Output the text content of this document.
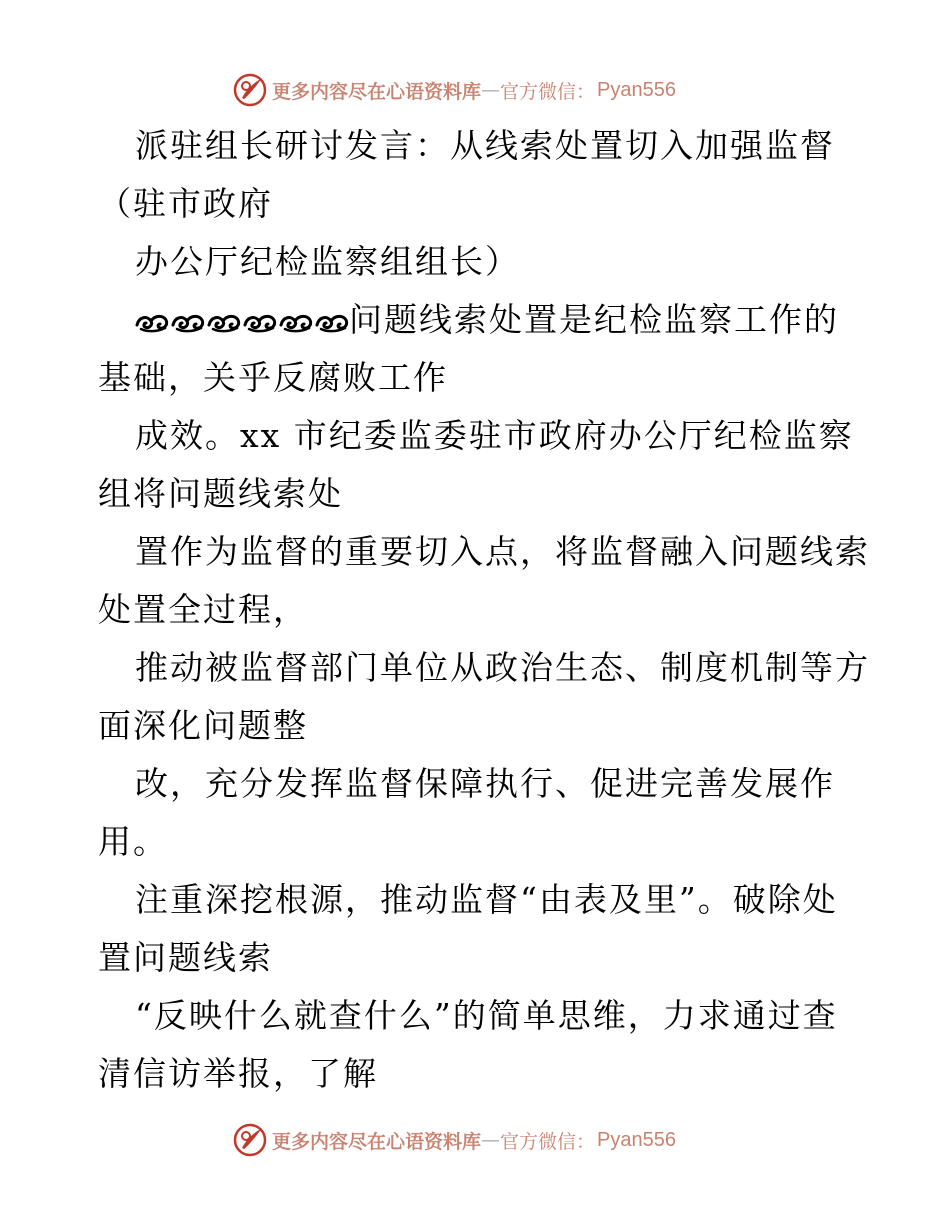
更多内容尽在心语资料库 — 官方微信： Pyan556
派驻组长研讨发言：从线索处置切入加强监督
（驻市政府
办公厅纪检监察组组长）
问题线索处置是纪检监察工作的
基础，关乎反腐败工作
成效。xx 市纪委监委驻市政府办公厅纪检监察
组将问题线索处
置作为监督的重要切入点，将监督融入问题线索
处置全过程，
推动被监督部门单位从政治生态、制度机制等方
面深化问题整
改，充分发挥监督保障执行、促进完善发展作
用。
注重深挖根源，推动监督“由表及里”。破除处
置问题线索
“反映什么就查什么”的简单思维，力求通过查
清信访举报，了解
更多内容尽在心语资料库 — 官方微信： Pyan556
